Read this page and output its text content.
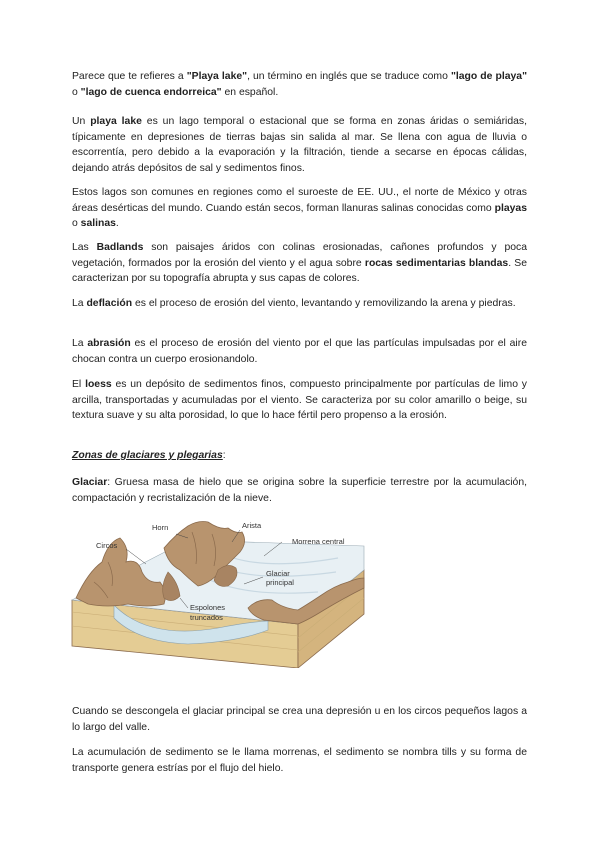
Parece que te refieres a "Playa lake", un término en inglés que se traduce como "lago de playa" o "lago de cuenca endorreica" en español.

Un playa lake es un lago temporal o estacional que se forma en zonas áridas o semiáridas, típicamente en depresiones de tierras bajas sin salida al mar. Se llena con agua de lluvia o escorrentía, pero debido a la evaporación y la filtración, tiende a secarse en épocas cálidas, dejando atrás depósitos de sal y sedimentos finos.

Estos lagos son comunes en regiones como el suroeste de EE. UU., el norte de México y otras áreas desérticas del mundo. Cuando están secos, forman llanuras salinas conocidas como playas o salinas.

Las Badlands son paisajes áridos con colinas erosionadas, cañones profundos y poca vegetación, formados por la erosión del viento y el agua sobre rocas sedimentarias blandas. Se caracterizan por su topografía abrupta y sus capas de colores.

La deflación es el proceso de erosión del viento, levantando y removilizando la arena y piedras.

La abrasión es el proceso de erosión del viento por el que las partículas impulsadas por el aire chocan contra un cuerpo erosionandolo.

El loess es un depósito de sedimentos finos, compuesto principalmente por partículas de limo y arcilla, transportadas y acumuladas por el viento. Se caracteriza por su color amarillo o beige, su textura suave y su alta porosidad, lo que lo hace fértil pero propenso a la erosión.

Zonas de glaciares y plegarias:

Glaciar: Gruesa masa de hielo que se origina sobre la superficie terrestre por la acumulación, compactación y recristalización de la nieve.

Horn	Arista
Morrena central
Circos
Glaciar
principal
Espolones
truncados

Cuando se descongela el glaciar principal se crea una depresión u en los circos pequeños lagos a lo largo del valle.

La acumulación de sedimento se le llama morrenas, el sedimento se nombra tills y su forma de transporte genera estrías por el flujo del hielo.
